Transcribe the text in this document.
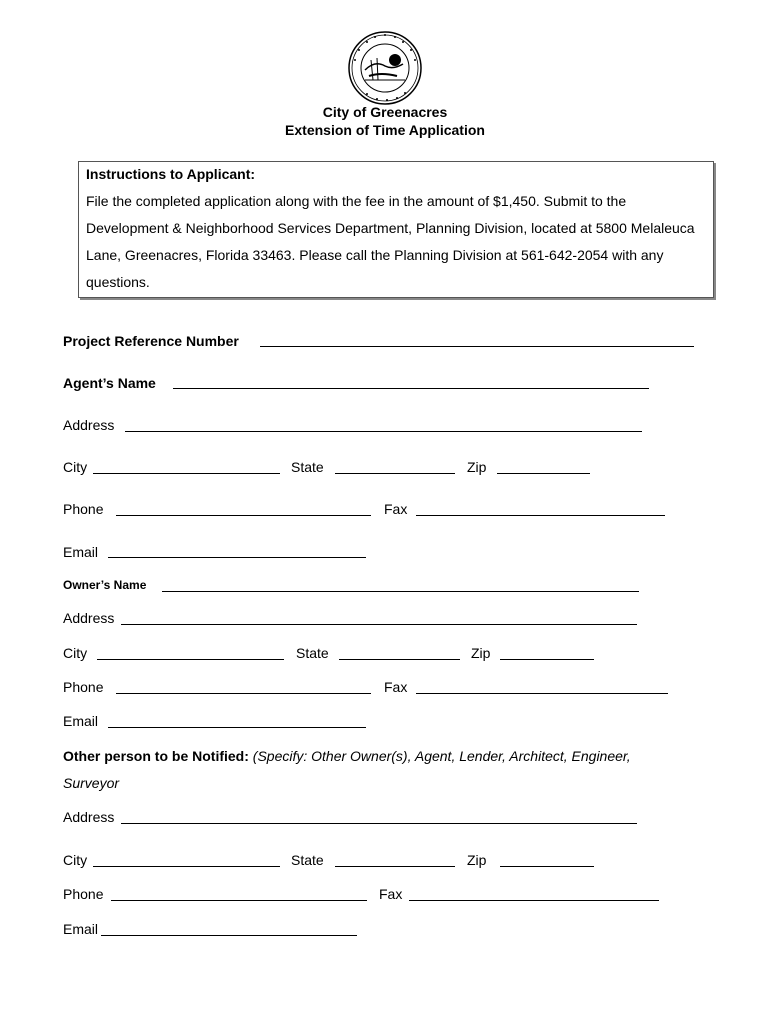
City of Greenacres
Extension of Time Application
Instructions to Applicant:
File the completed application along with the fee in the amount of $1,450. Submit to the Development & Neighborhood Services Department, Planning Division, located at 5800 Melaleuca Lane, Greenacres, Florida 33463. Please call the Planning Division at 561-642-2054 with any questions.
Project Reference Number
Agent’s Name
Address
City	State	Zip
Phone	Fax
Email
Owner’s Name
Address
City	State	Zip
Phone	Fax
Email
Other person to be Notified: (Specify: Other Owner(s), Agent, Lender, Architect, Engineer,
Surveyor
Address
City	State	Zip
Phone	Fax
Email
